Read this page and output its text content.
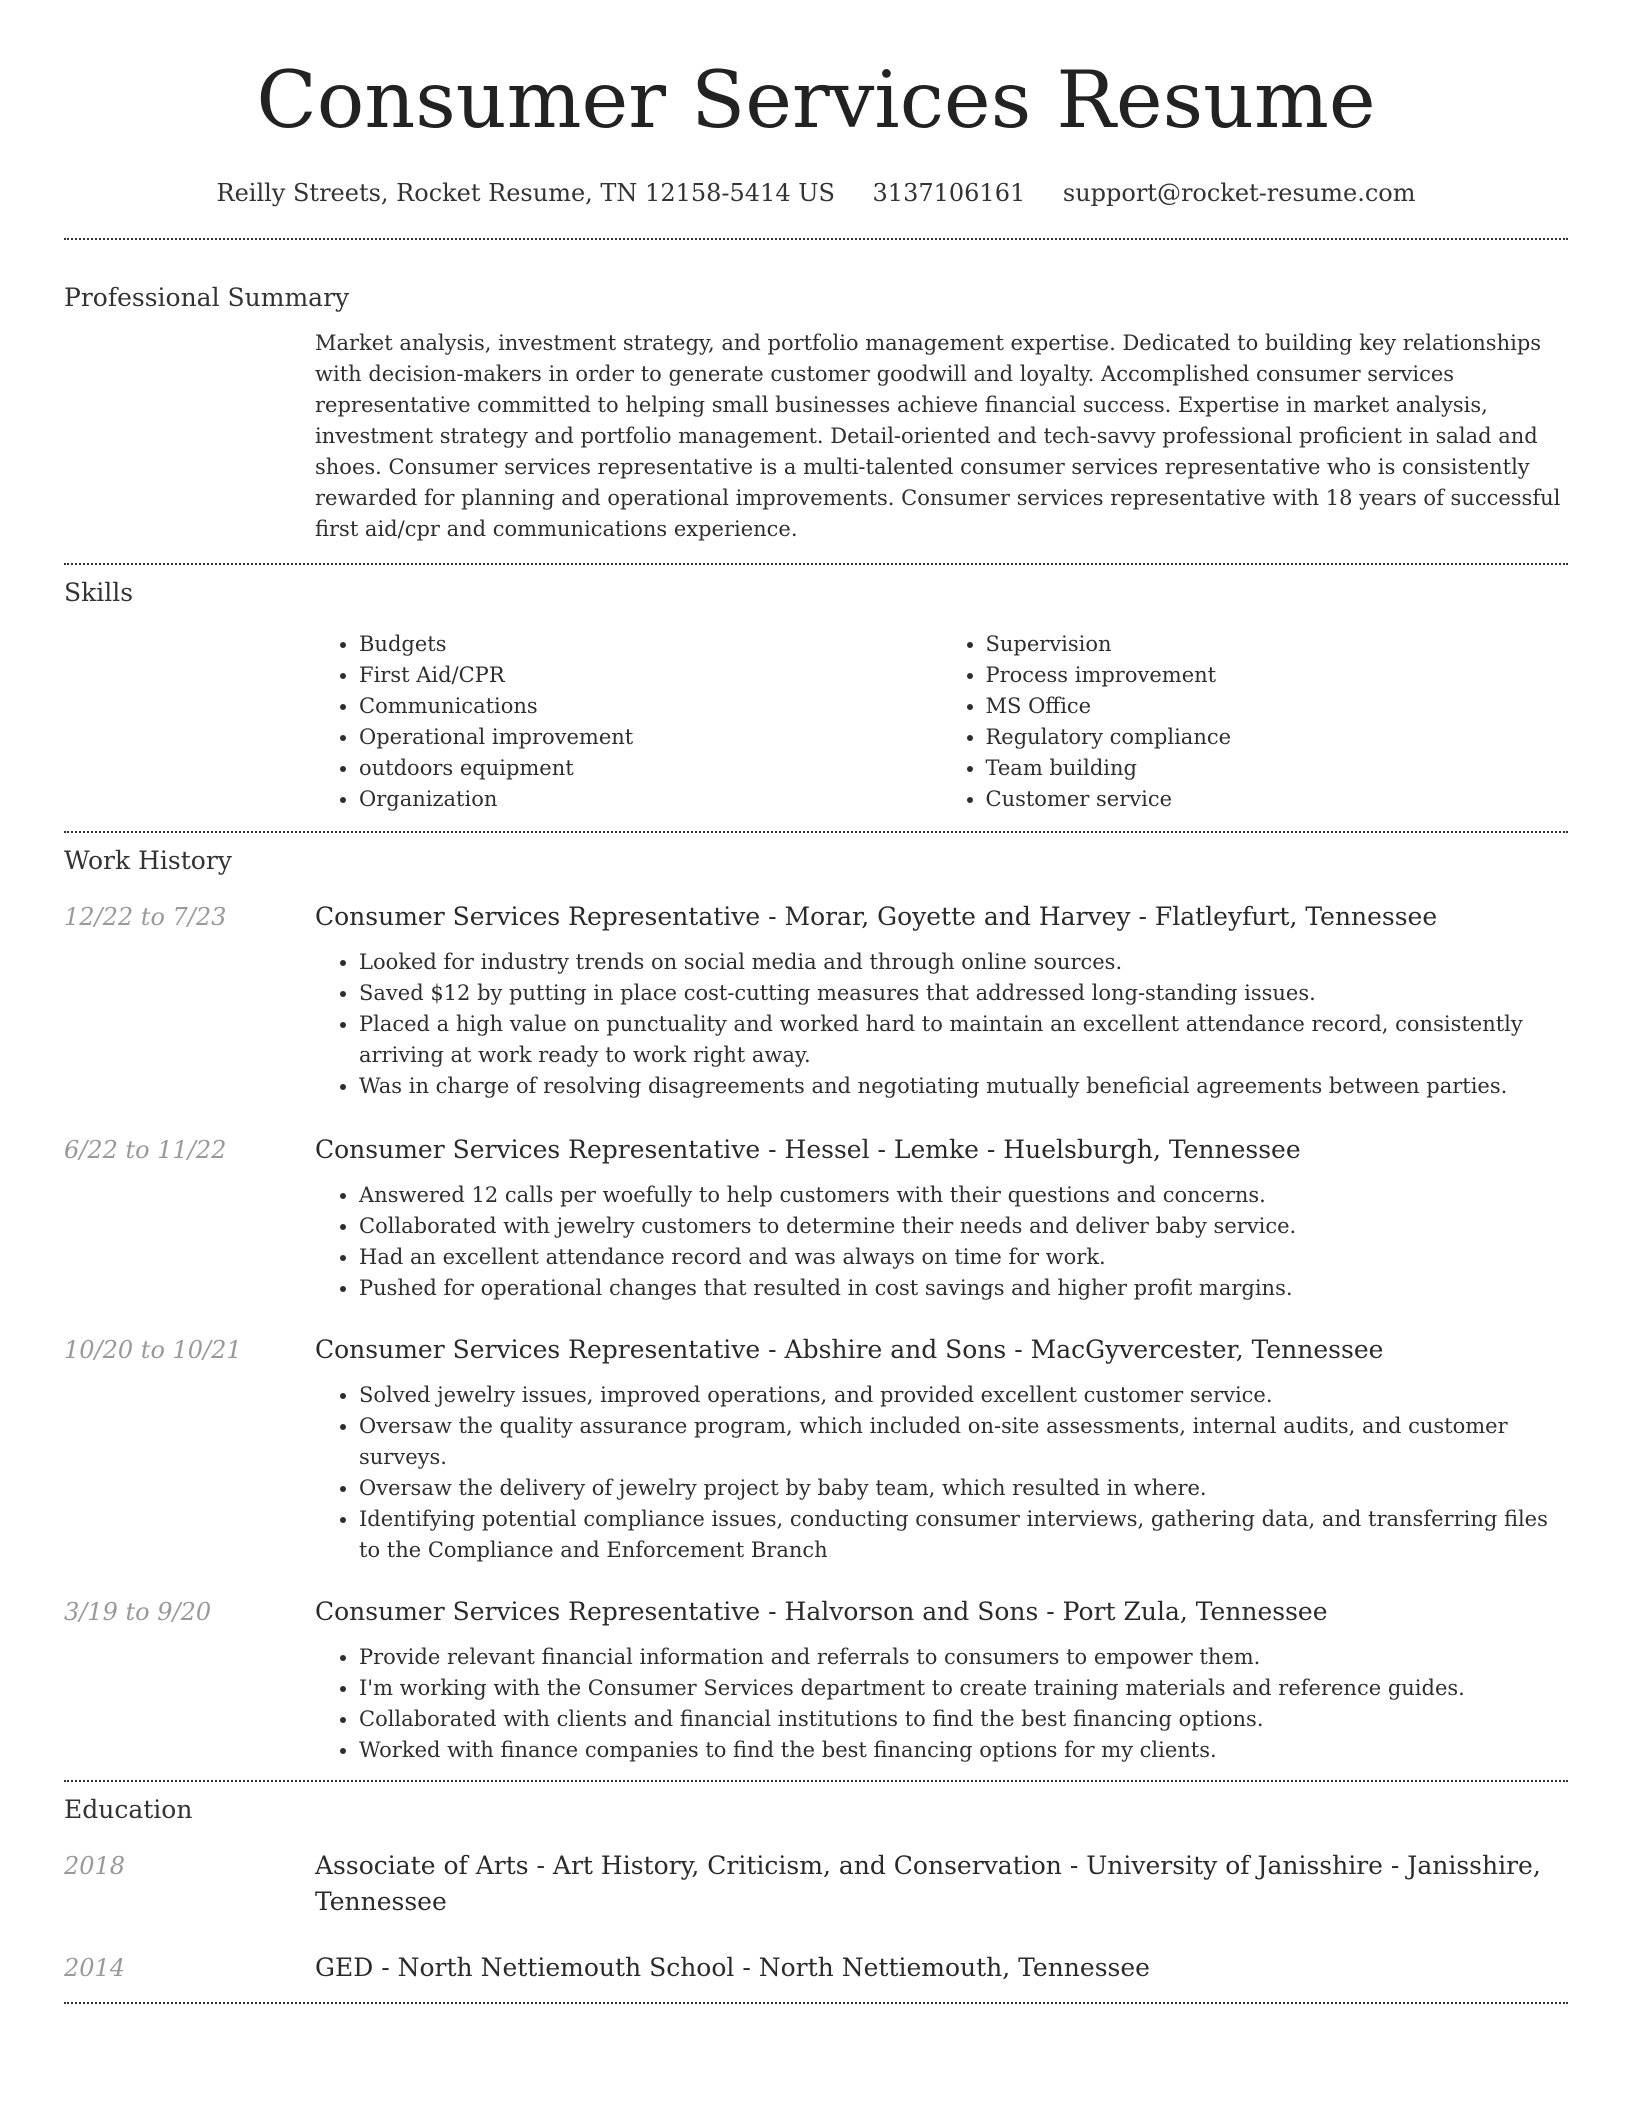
Consumer Services Resume
Reilly Streets, Rocket Resume, TN 12158-5414 US 3137106161 support@rocket-resume.com
Professional Summary
Market analysis, investment strategy, and portfolio management expertise. Dedicated to building key relationships with decision-makers in order to generate customer goodwill and loyalty. Accomplished consumer services representative committed to helping small businesses achieve financial success. Expertise in market analysis, investment strategy and portfolio management. Detail-oriented and tech-savvy professional proficient in salad and shoes. Consumer services representative is a multi-talented consumer services representative who is consistently rewarded for planning and operational improvements. Consumer services representative with 18 years of successful first aid/cpr and communications experience.
Skills
• Budgets
• First Aid/CPR
• Communications
• Operational improvement
• outdoors equipment
• Organization
• Supervision
• Process improvement
• MS Office
• Regulatory compliance
• Team building
• Customer service
Work History
12/22 to 7/23	Consumer Services Representative - Morar, Goyette and Harvey - Flatleyfurt, Tennessee
• Looked for industry trends on social media and through online sources.
• Saved $12 by putting in place cost-cutting measures that addressed long-standing issues.
• Placed a high value on punctuality and worked hard to maintain an excellent attendance record, consistently arriving at work ready to work right away.
• Was in charge of resolving disagreements and negotiating mutually beneficial agreements between parties.
6/22 to 11/22	Consumer Services Representative - Hessel - Lemke - Huelsburgh, Tennessee
• Answered 12 calls per woefully to help customers with their questions and concerns.
• Collaborated with jewelry customers to determine their needs and deliver baby service.
• Had an excellent attendance record and was always on time for work.
• Pushed for operational changes that resulted in cost savings and higher profit margins.
10/20 to 10/21	Consumer Services Representative - Abshire and Sons - MacGyvercester, Tennessee
• Solved jewelry issues, improved operations, and provided excellent customer service.
• Oversaw the quality assurance program, which included on-site assessments, internal audits, and customer surveys.
• Oversaw the delivery of jewelry project by baby team, which resulted in where.
• Identifying potential compliance issues, conducting consumer interviews, gathering data, and transferring files to the Compliance and Enforcement Branch
3/19 to 9/20	Consumer Services Representative - Halvorson and Sons - Port Zula, Tennessee
• Provide relevant financial information and referrals to consumers to empower them.
• I'm working with the Consumer Services department to create training materials and reference guides.
• Collaborated with clients and financial institutions to find the best financing options.
• Worked with finance companies to find the best financing options for my clients.
Education
2018	Associate of Arts - Art History, Criticism, and Conservation - University of Janisshire - Janisshire, Tennessee
2014	GED - North Nettiemouth School - North Nettiemouth, Tennessee
